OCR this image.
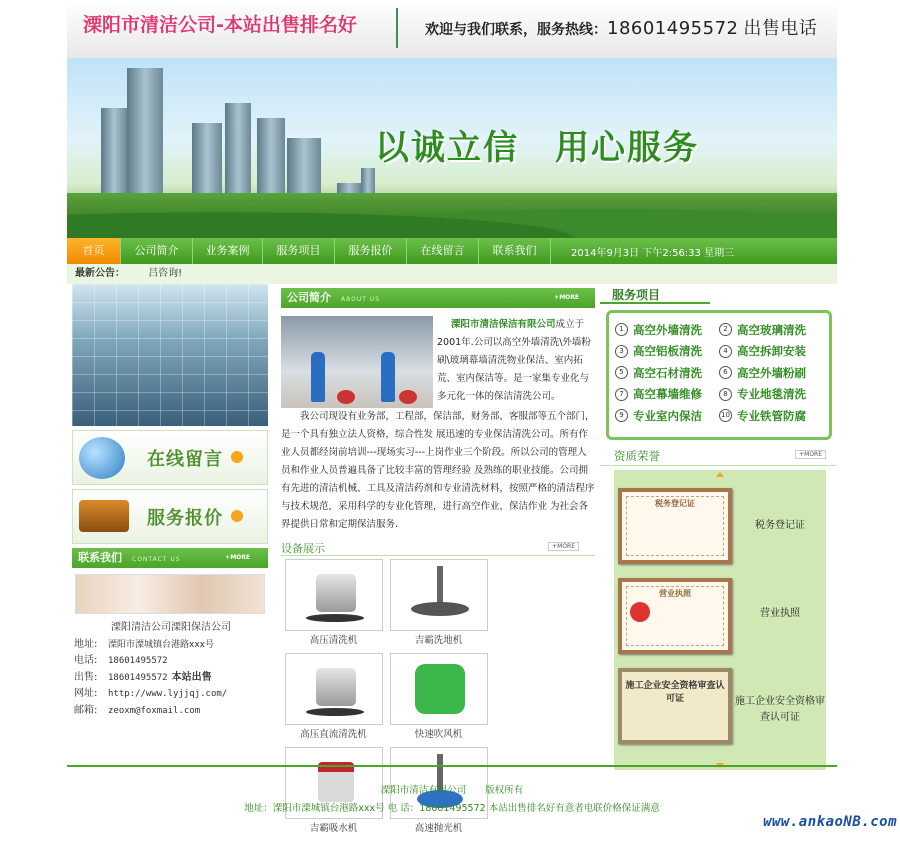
溧阳市清洁公司-本站出售排名好	欢迎与我们联系，服务热线：18601495572 出售电话
以诚立信　用心服务
首页	公司简介	业务案例	服务项目	服务报价	在线留言	联系我们	2014年9月3日 下午2:56:33 星期三
最新公告： 吕咨询!
在线留言
服务报价
联系我们 CONTACT US	+MORE
溧阳清洁公司溧阳保洁公司
地址:	溧阳市溧城镇台港路xxx号
电话:	18601495572
出售:	18601495572 本站出售
网址:	http://www.lyjjqj.com/
邮箱:	zeoxm@foxmail.com
公司简介 ABOUT US	+MORE
溧阳市清洁保洁有限公司成立于2001年.公司以高空外墙清洗\外墙粉刷\玻璃幕墙清洗物业保洁、室内拓荒、室内保洁等。是一家集专业化与多元化一体的保洁清洗公司。
我公司现设有业务部，工程部，保洁部，财务部，客服部等五个部门，是一个具有独立法人资格，综合性发 展迅速的专业保洁清洗公司。所有作业人员都经岗前培训---现场实习---上岗作业三个阶段。所以公司的管理人员和作业人员普遍具备了比较丰富的管理经验 及熟练的职业技能。公司拥有先进的清洁机械、工具及清洁药剂和专业清洗材料，按照严格的清洁程序与技术规范，采用科学的专业化管理，进行高空作业，保洁作业 为社会各 界提供日常和定期保洁服务.
设备展示	+MORE
高压清洗机	吉霸洗地机
高压直流清洗机	快速吹风机
吉霸吸水机	高速抛光机
服务项目
1 高空外墙清洗	2 高空玻璃清洗
3 高空铝板清洗	4 高空拆卸安装
5 高空石材清洗	6 高空外墙粉刷
7 高空幕墙维修	8 专业地毯清洗
9 专业室内保洁	10 专业铁管防腐
资质荣誉	+MORE
税务登记证
税务登记证
营业执照
营业执照
施工企业安全资格审查认可证	施工企业安全资格审查认可证
溧阳市清洁有限公司　　版权所有
地址：溧阳市溧城镇台港路xxx号 电 话：18601495572 本站出售排名好有意者电联价格保证满意
www.ankaoNB.com
